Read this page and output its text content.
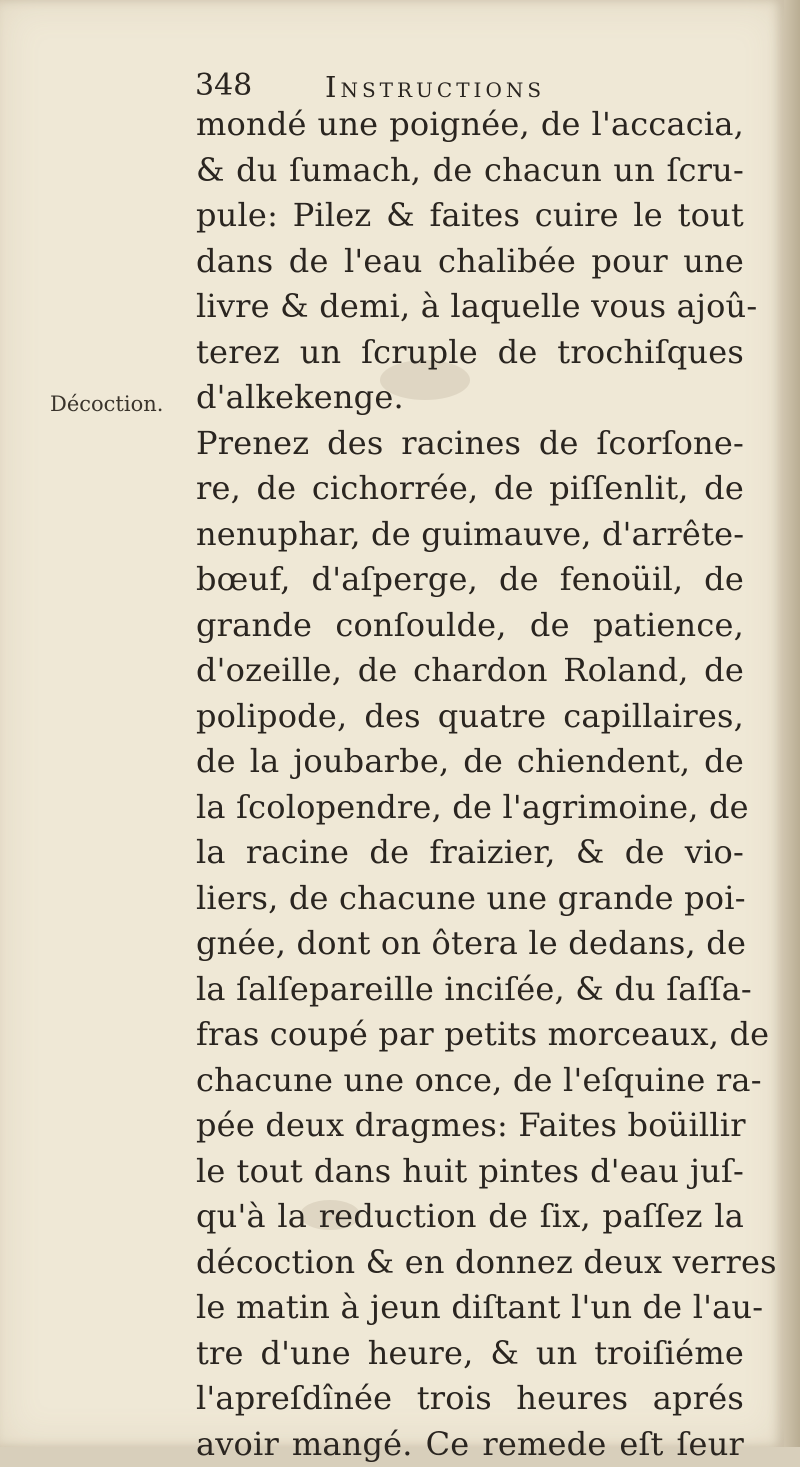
348	Instructions
Décoction.
mondé une poignée, de l'accacia,
& du ſumach, de chacun un ſcru-
pule: Pilez & faites cuire le tout
dans de l'eau chalibée pour une
livre & demi, à laquelle vous ajoû-
terez un ſcruple de trochiſques
d'alkekenge.
Prenez des racines de ſcorſone-
re, de cichorrée, de piſſenlit, de
nenuphar, de guimauve, d'arrête-
bœuf, d'aſperge, de fenoüil, de
grande conſoulde, de patience,
d'ozeille, de chardon Roland, de
polipode, des quatre capillaires,
de la joubarbe, de chiendent, de
la ſcolopendre, de l'agrimoine, de
la racine de fraizier, & de vio-
liers, de chacune une grande poi-
gnée, dont on ôtera le dedans, de
la ſalſepareille inciſée, & du ſaſſa-
fras coupé par petits morceaux, de
chacune une once, de l'eſquine ra-
pée deux dragmes: Faites boüillir
le tout dans huit pintes d'eau juſ-
qu'à la reduction de ſix, paſſez la
décoction & en donnez deux verres
le matin à jeun diſtant l'un de l'au-
tre d'une heure, & un troiſiéme
l'apreſdînée trois heures aprés
avoir mangé. Ce remede eſt ſeur
